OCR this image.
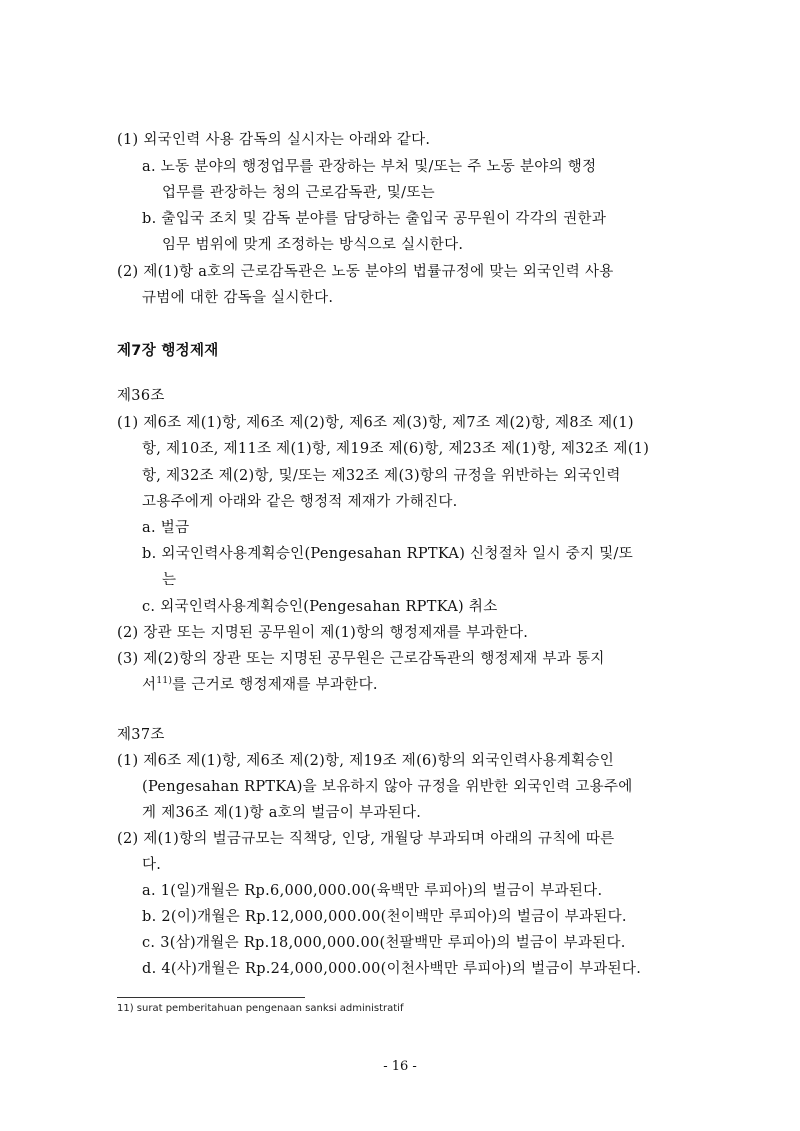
(1) 외국인력 사용 감독의 실시자는 아래와 같다.
a. 노동 분야의 행정업무를 관장하는 부처 및/또는 주 노동 분야의 행정
업무를 관장하는 청의 근로감독관, 및/또는
b. 출입국 조치 및 감독 분야를 담당하는 출입국 공무원이 각각의 권한과
임무 범위에 맞게 조정하는 방식으로 실시한다.
(2) 제(1)항 a호의 근로감독관은 노동 분야의 법률규정에 맞는 외국인력 사용
규범에 대한 감독을 실시한다.
제7장 행정제재
제36조
(1) 제6조 제(1)항, 제6조 제(2)항, 제6조 제(3)항, 제7조 제(2)항, 제8조 제(1)
항, 제10조, 제11조 제(1)항, 제19조 제(6)항, 제23조 제(1)항, 제32조 제(1)
항, 제32조 제(2)항, 및/또는 제32조 제(3)항의 규정을 위반하는 외국인력
고용주에게 아래와 같은 행정적 제재가 가해진다.
a. 벌금
b. 외국인력사용계획승인(Pengesahan RPTKA) 신청절차 일시 중지 및/또
는
c. 외국인력사용계획승인(Pengesahan RPTKA) 취소
(2) 장관 또는 지명된 공무원이 제(1)항의 행정제재를 부과한다.
(3) 제(2)항의 장관 또는 지명된 공무원은 근로감독관의 행정제재 부과 통지
서$^{11)}$를 근거로 행정제재를 부과한다.
제37조
(1) 제6조 제(1)항, 제6조 제(2)항, 제19조 제(6)항의 외국인력사용계획승인
(Pengesahan RPTKA)을 보유하지 않아 규정을 위반한 외국인력 고용주에
게 제36조 제(1)항 a호의 벌금이 부과된다.
(2) 제(1)항의 벌금규모는 직책당, 인당, 개월당 부과되며 아래의 규칙에 따른
다.
a. 1(일)개월은 Rp.6,000,000.00(육백만 루피아)의 벌금이 부과된다.
b. 2(이)개월은 Rp.12,000,000.00(천이백만 루피아)의 벌금이 부과된다.
c. 3(삼)개월은 Rp.18,000,000.00(천팔백만 루피아)의 벌금이 부과된다.
d. 4(사)개월은 Rp.24,000,000.00(이천사백만 루피아)의 벌금이 부과된다.
11) surat pemberitahuan pengenaan sanksi administratif
- 16 -
